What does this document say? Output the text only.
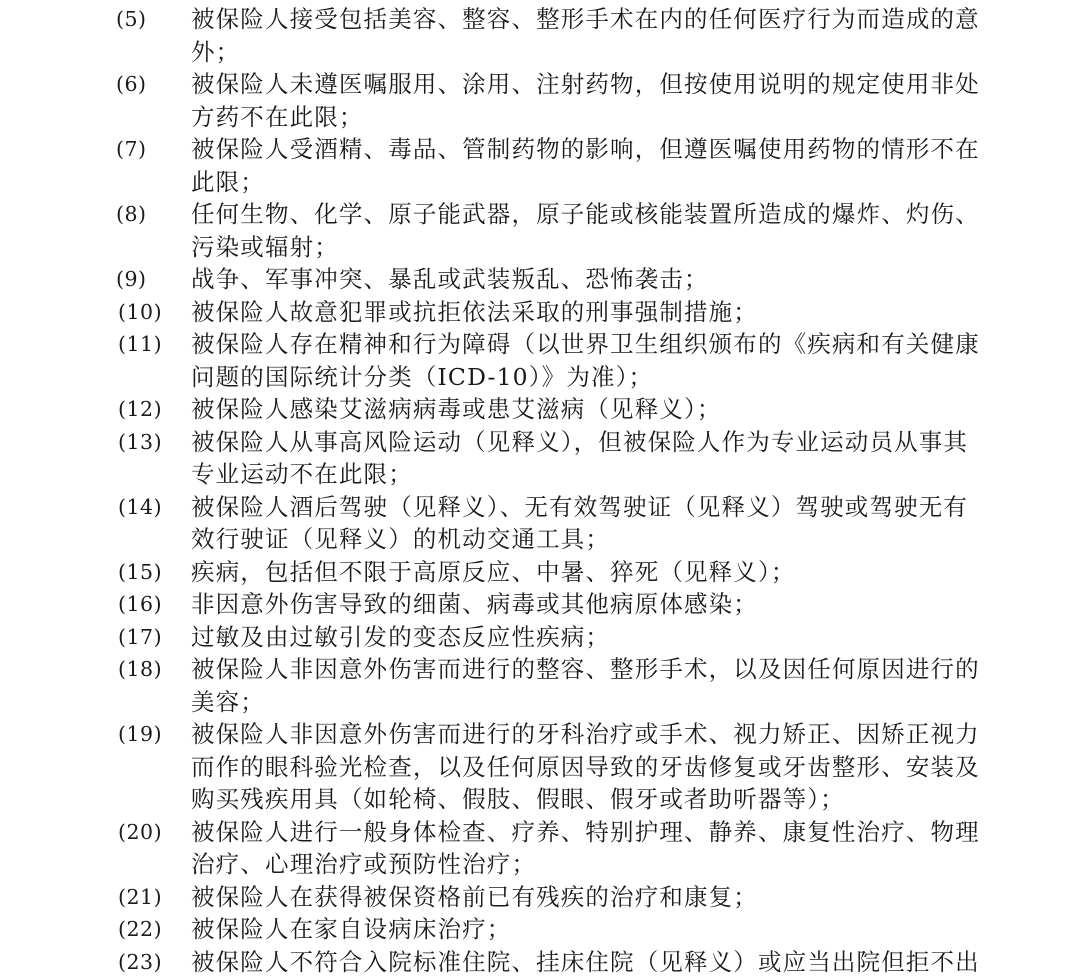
(5)	被保险人接受包括美容、整容、整形手术在内的任何医疗行为而造成的意
外；
(6)	被保险人未遵医嘱服用、涂用、注射药物，但按使用说明的规定使用非处
方药不在此限；
(7)	被保险人受酒精、毒品、管制药物的影响，但遵医嘱使用药物的情形不在
此限；
(8)	任何生物、化学、原子能武器，原子能或核能装置所造成的爆炸、灼伤、
污染或辐射；
(9)	战争、军事冲突、暴乱或武装叛乱、恐怖袭击；
(10)	被保险人故意犯罪或抗拒依法采取的刑事强制措施；
(11)	被保险人存在精神和行为障碍（以世界卫生组织颁布的《疾病和有关健康
问题的国际统计分类（ICD-10）》为准）；
(12)	被保险人感染艾滋病病毒或患艾滋病（见释义）；
(13)	被保险人从事高风险运动（见释义），但被保险人作为专业运动员从事其
专业运动不在此限；
(14)	被保险人酒后驾驶（见释义）、无有效驾驶证（见释义）驾驶或驾驶无有
效行驶证（见释义）的机动交通工具；
(15)	疾病，包括但不限于高原反应、中暑、猝死（见释义）；
(16)	非因意外伤害导致的细菌、病毒或其他病原体感染；
(17)	过敏及由过敏引发的变态反应性疾病；
(18)	被保险人非因意外伤害而进行的整容、整形手术，以及因任何原因进行的
美容；
(19)	被保险人非因意外伤害而进行的牙科治疗或手术、视力矫正、因矫正视力
而作的眼科验光检查，以及任何原因导致的牙齿修复或牙齿整形、安装及
购买残疾用具（如轮椅、假肢、假眼、假牙或者助听器等）；
(20)	被保险人进行一般身体检查、疗养、特别护理、静养、康复性治疗、物理
治疗、心理治疗或预防性治疗；
(21)	被保险人在获得被保资格前已有残疾的治疗和康复；
(22)	被保险人在家自设病床治疗；
(23)	被保险人不符合入院标准住院、挂床住院（见释义）或应当出院但拒不出
